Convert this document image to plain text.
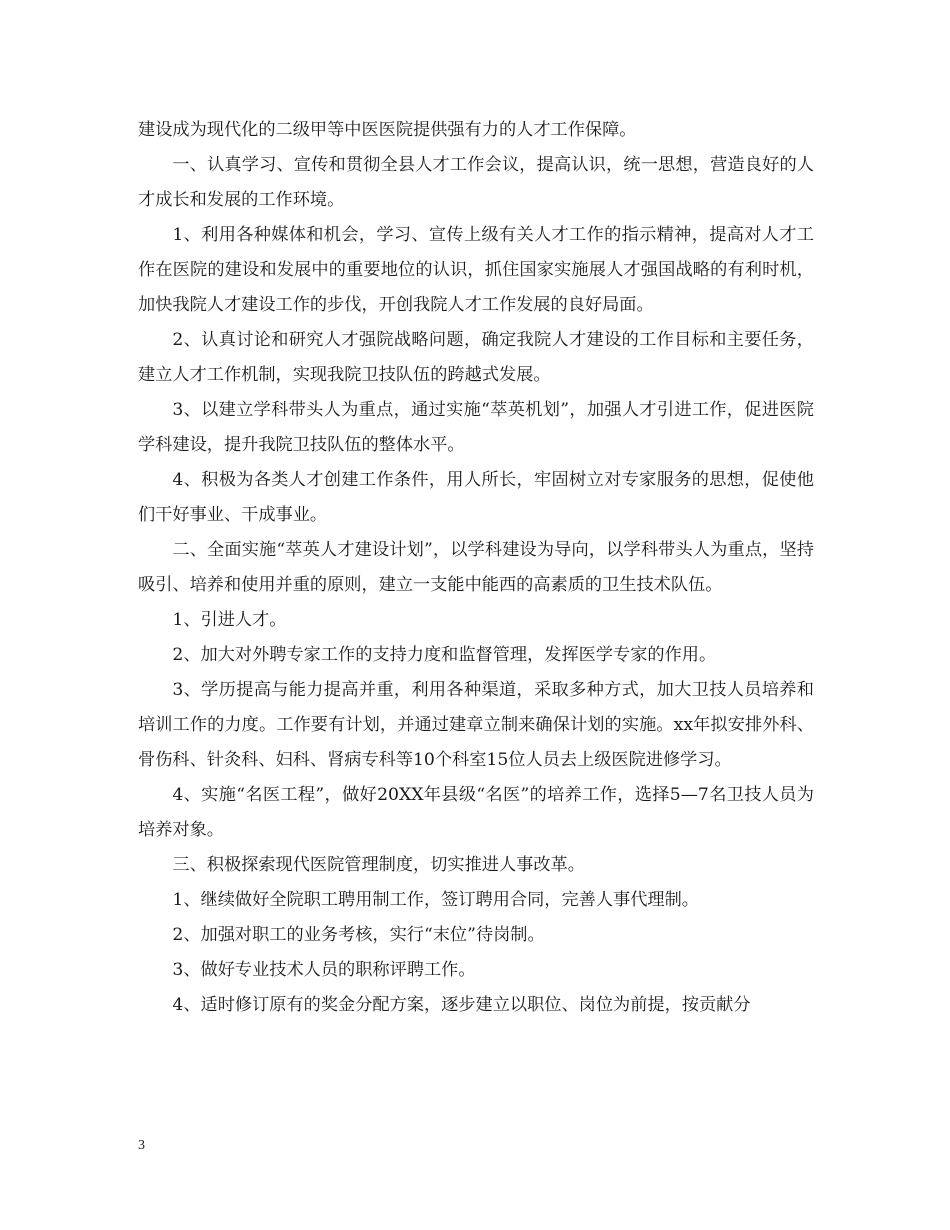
建设成为现代化的二级甲等中医医院提供强有力的人才工作保障。

一、认真学习、宣传和贯彻全县人才工作会议，提高认识，统一思想，营造良好的人才成长和发展的工作环境。

1、利用各种媒体和机会，学习、宣传上级有关人才工作的指示精神，提高对人才工作在医院的建设和发展中的重要地位的认识，抓住国家实施展人才强国战略的有利时机，加快我院人才建设工作的步伐，开创我院人才工作发展的良好局面。

2、认真讨论和研究人才强院战略问题，确定我院人才建设的工作目标和主要任务，建立人才工作机制，实现我院卫技队伍的跨越式发展。

3、以建立学科带头人为重点，通过实施“萃英机划”，加强人才引进工作，促进医院学科建设，提升我院卫技队伍的整体水平。

4、积极为各类人才创建工作条件，用人所长，牢固树立对专家服务的思想，促使他们干好事业、干成事业。

二、全面实施“萃英人才建设计划”，以学科建设为导向，以学科带头人为重点，坚持吸引、培养和使用并重的原则，建立一支能中能西的高素质的卫生技术队伍。

1、引进人才。

2、加大对外聘专家工作的支持力度和监督管理，发挥医学专家的作用。

3、学历提高与能力提高并重，利用各种渠道，采取多种方式，加大卫技人员培养和培训工作的力度。工作要有计划，并通过建章立制来确保计划的实施。xx年拟安排外科、骨伤科、针灸科、妇科、肾病专科等10个科室15位人员去上级医院进修学习。

4、实施“名医工程”，做好20XX年县级“名医”的培养工作，选择5—7名卫技人员为培养对象。

三、积极探索现代医院管理制度，切实推进人事改革。

1、继续做好全院职工聘用制工作，签订聘用合同，完善人事代理制。

2、加强对职工的业务考核，实行“末位”待岗制。

3、做好专业技术人员的职称评聘工作。

4、适时修订原有的奖金分配方案，逐步建立以职位、岗位为前提，按贡献分

3
